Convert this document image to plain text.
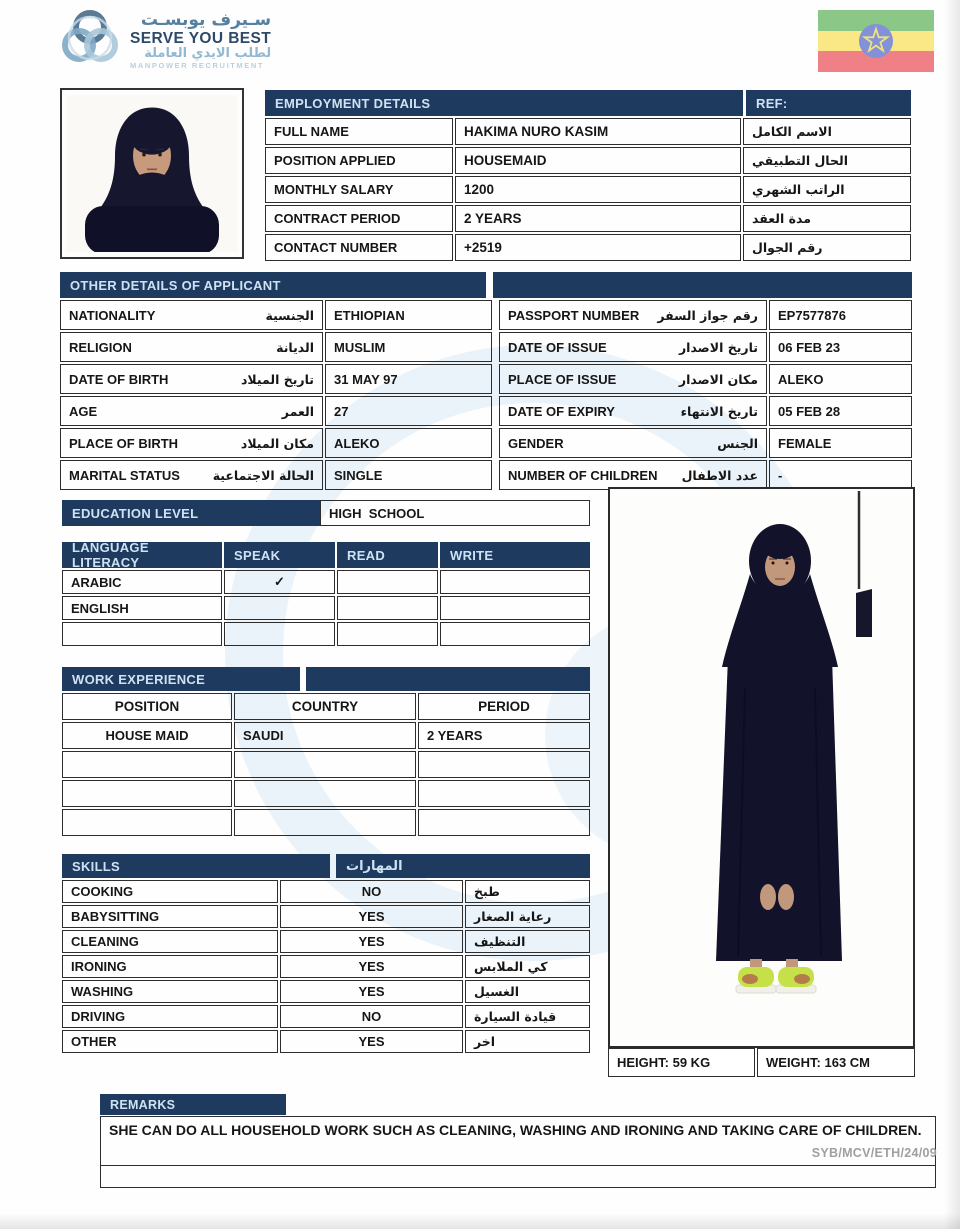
سـيرف يوبسـت
SERVE YOU BEST
لطلب الايدي العاملة
MANPOWER RECRUITMENT
EMPLOYMENT DETAILS	REF:
FULL NAME	HAKIMA NURO KASIM	الاسم الكامل
POSITION APPLIED	HOUSEMAID	الحال التطبيقي
MONTHLY SALARY	1200	الراتب الشهري
CONTRACT PERIOD	2 YEARS	مدة العقد
CONTACT NUMBER	+2519	رقم الجوال
OTHER DETAILS OF APPLICANT
NATIONALITY	الجنسية	ETHIOPIAN	PASSPORT NUMBER رقم جواز السفر	EP7577876
RELIGION	الديانة	MUSLIM	DATE OF ISSUE	تاريخ الاصدار	06 FEB 23
DATE OF BIRTH	تاريخ الميلاد	31 MAY 97	PLACE OF ISSUE	مكان الاصدار	ALEKO
AGE	العمر	27	DATE OF EXPIRY	تاريخ الانتهاء	05 FEB 28
PLACE OF BIRTH	مكان الميلاد	ALEKO	GENDER	الجنس	FEMALE
MARITAL STATUS	الحالة الاجتماعية	SINGLE	NUMBER OF CHILDREN عدد الاطفال	-
EDUCATION LEVEL	HIGH  SCHOOL
LANGUAGE LITERACY	SPEAK	READ	WRITE
ARABIC	✓
ENGLISH
WORK EXPERIENCE
POSITION	COUNTRY	PERIOD
HOUSE MAID	SAUDI	2 YEARS
SKILLS	المهارات
COOKING	NO	طبخ
BABYSITTING	YES	رعاية الصغار
CLEANING	YES	التنظيف
IRONING	YES	كي الملابس
WASHING	YES	الغسيل
DRIVING	NO	قيادة السيارة
OTHER	YES	اخر
HEIGHT: 59 KG	WEIGHT: 163 CM
REMARKS
SHE CAN DO ALL HOUSEHOLD WORK SUCH AS CLEANING, WASHING AND IRONING AND TAKING CARE OF CHILDREN.
SYB/MCV/ETH/24/09
